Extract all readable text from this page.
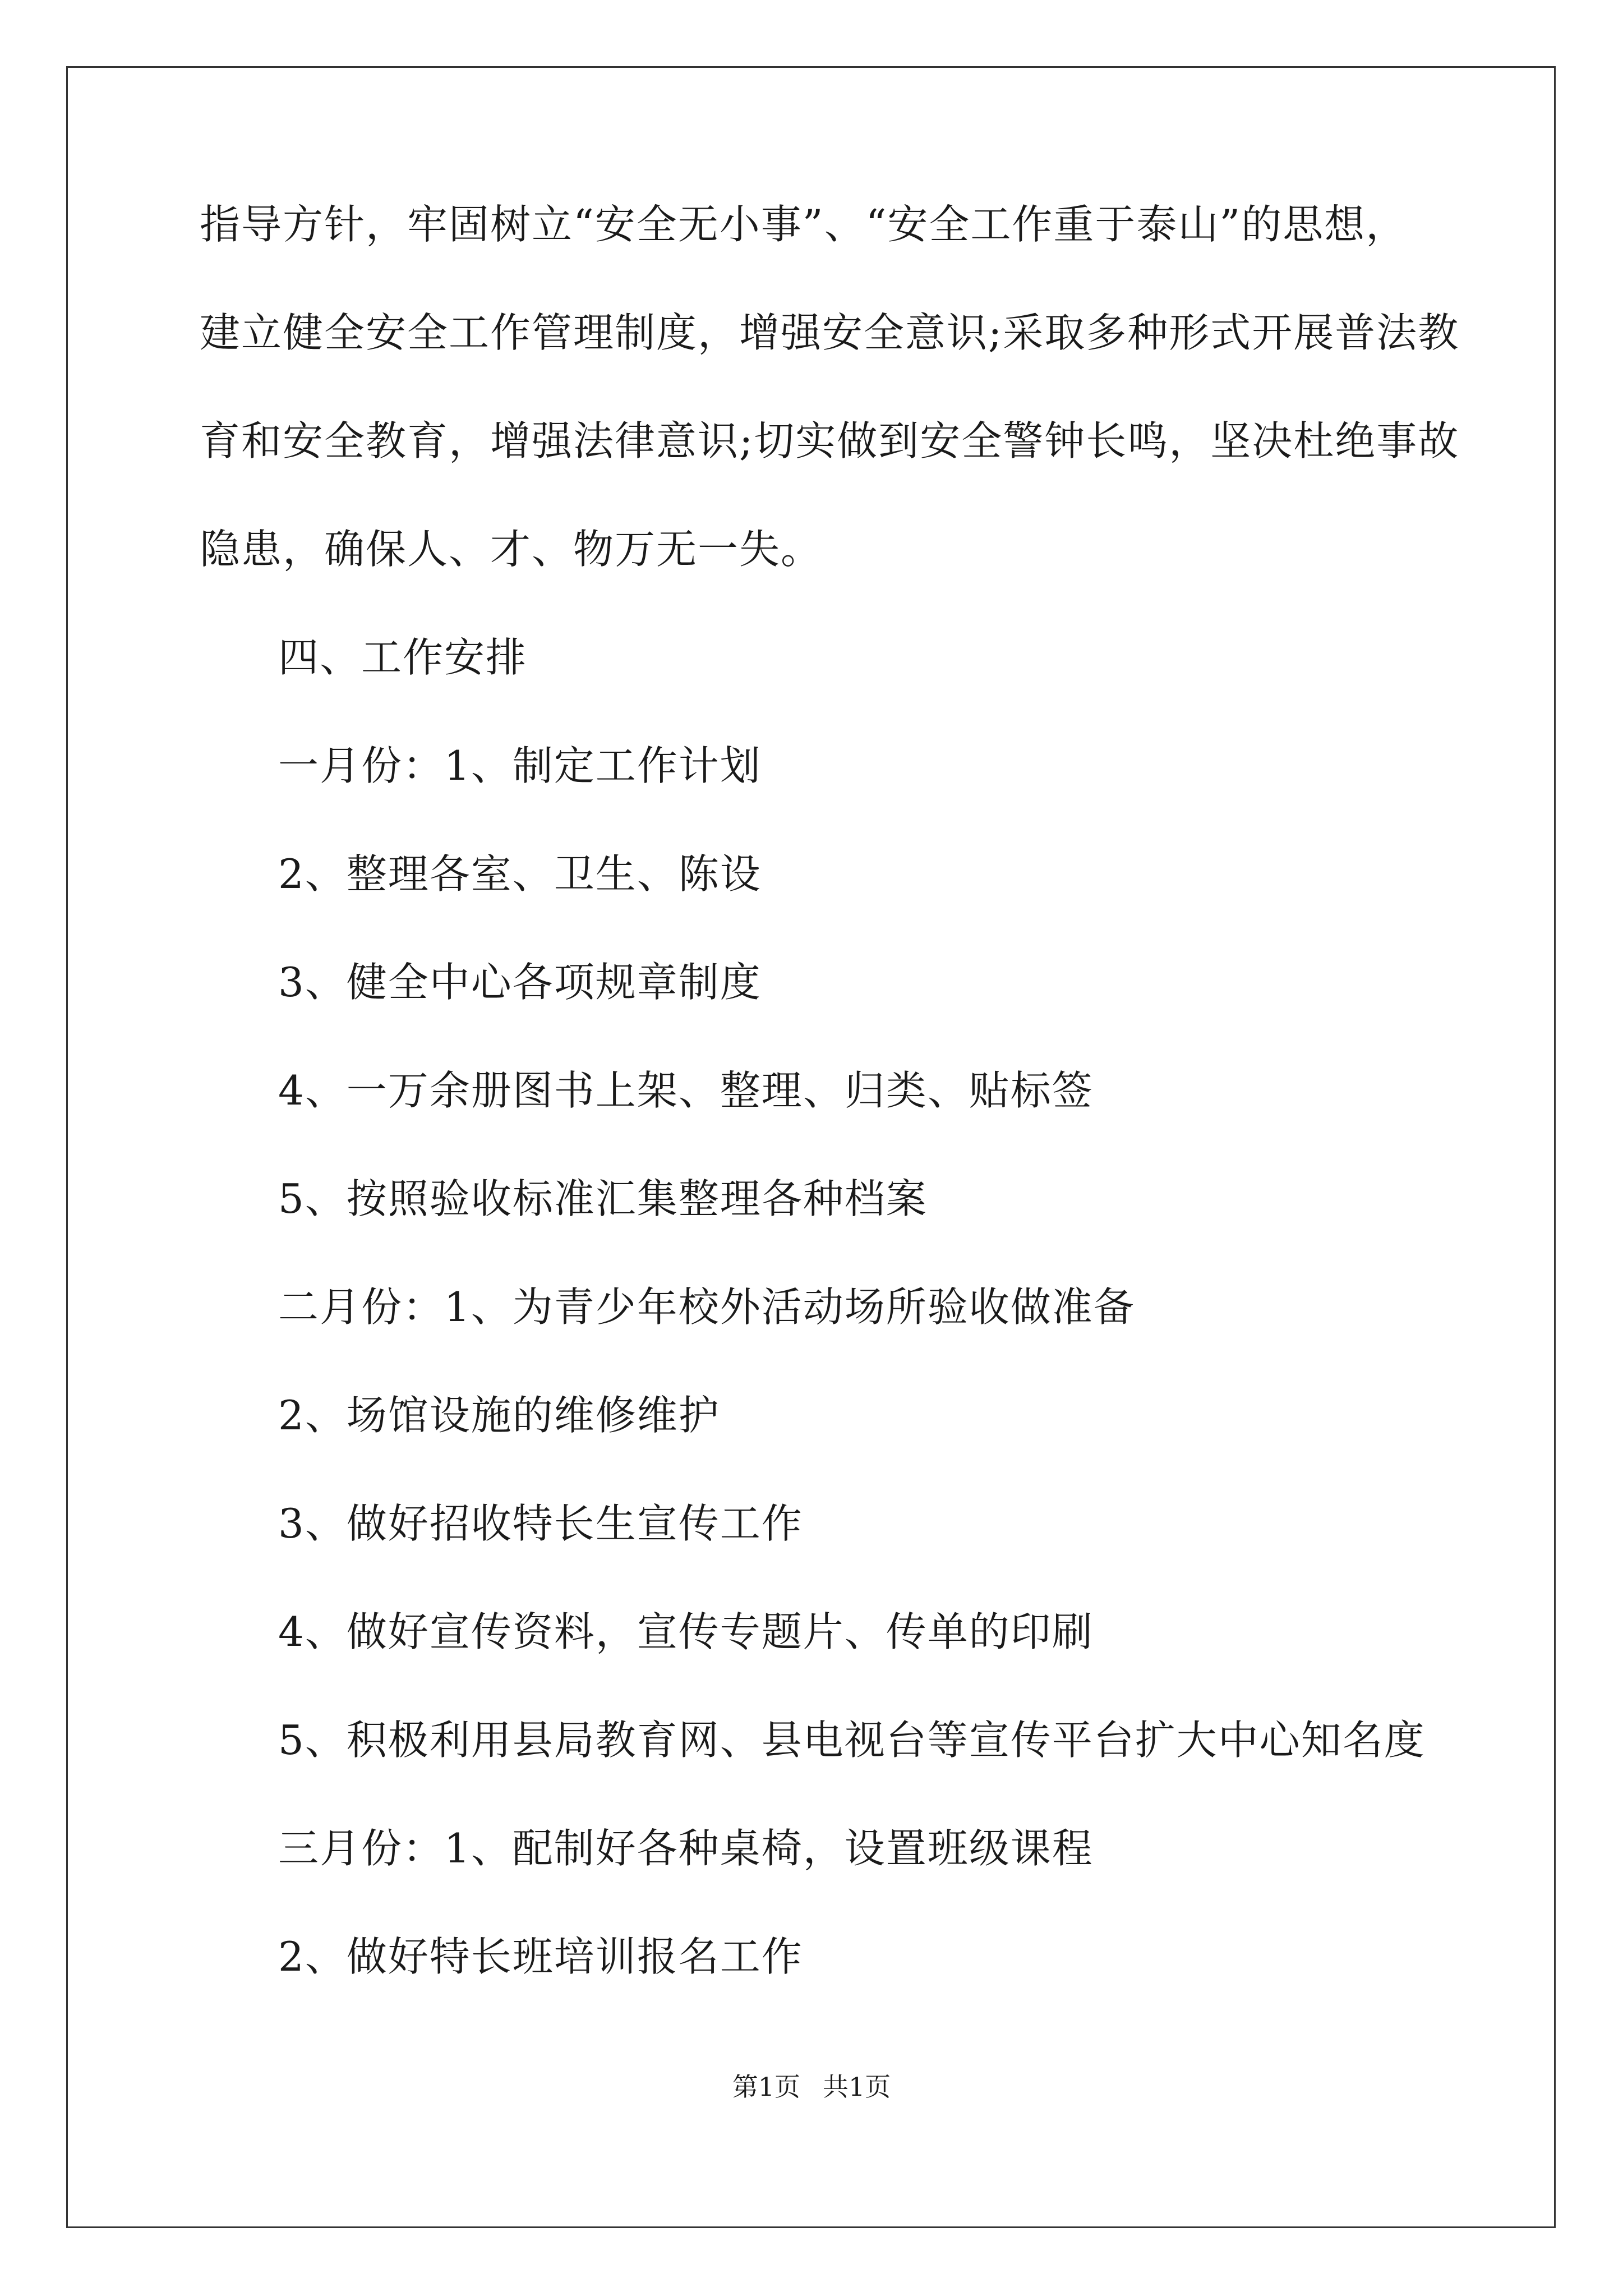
指导方针，牢固树立“安全无小事”、“安全工作重于泰山”的思想，
建立健全安全工作管理制度，增强安全意识;采取多种形式开展普法教
育和安全教育，增强法律意识;切实做到安全警钟长鸣，坚决杜绝事故
隐患，确保人、才、物万无一失。
四、工作安排
一月份：1、制定工作计划
2、整理各室、卫生、陈设
3、健全中心各项规章制度
4、一万余册图书上架、整理、归类、贴标签
5、按照验收标准汇集整理各种档案
二月份：1、为青少年校外活动场所验收做准备
2、场馆设施的维修维护
3、做好招收特长生宣传工作
4、做好宣传资料，宣传专题片、传单的印刷
5、积极利用县局教育网、县电视台等宣传平台扩大中心知名度
三月份：1、配制好各种桌椅，设置班级课程
2、做好特长班培训报名工作
第1页 共1页
